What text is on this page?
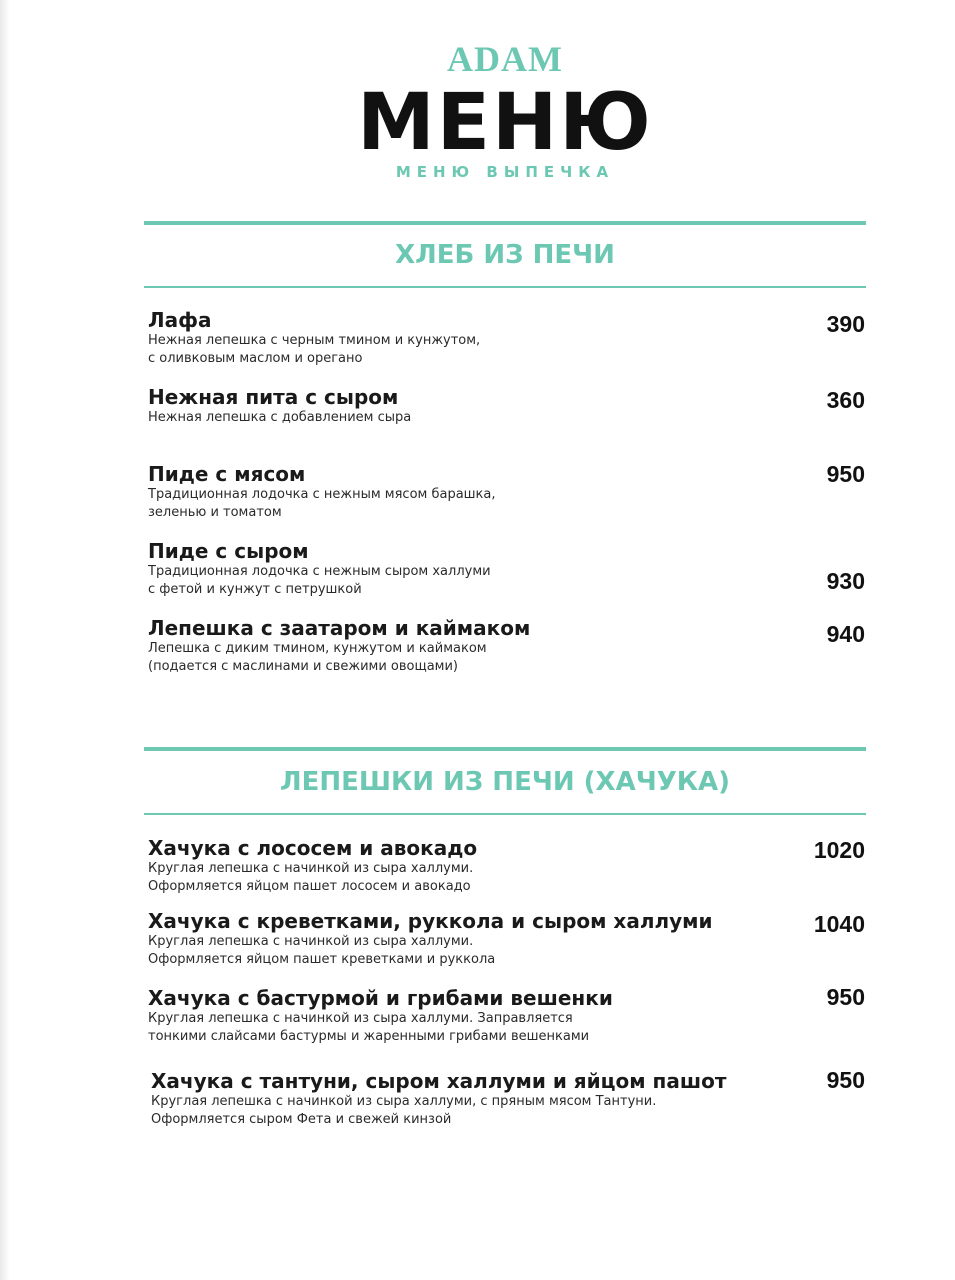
ADAM
МЕНЮ
МЕНЮ ВЫПЕЧКА
ХЛЕБ ИЗ ПЕЧИ
Лафа
Нежная лепешка с черным тмином и кунжутом,
с оливковым маслом и орегано
390
Нежная пита с сыром
Нежная лепешка с добавлением сыра
360
Пиде с мясом
Традиционная лодочка с нежным мясом барашка,
зеленью и томатом
950
Пиде с сыром
Традиционная лодочка с нежным сыром халлуми
с фетой и кунжут с петрушкой	930
Лепешка с заатаром и каймаком
Лепешка с диким тмином, кунжутом и каймаком
(подается с маслинами и свежими овощами)
940
ЛЕПЕШКИ ИЗ ПЕЧИ (ХАЧУКА)
Хачука с лососем и авокадо
Круглая лепешка с начинкой из сыра халлуми.
Оформляется яйцом пашет лососем и авокадо
1020
Хачука с креветками, руккола и сыром халлуми
Круглая лепешка с начинкой из сыра халлуми.
Оформляется яйцом пашет креветками и руккола
1040
Хачука с бастурмой и грибами вешенки
Круглая лепешка с начинкой из сыра халлуми. Заправляется
тонкими слайсами бастурмы и жаренными грибами вешенками
950
Хачука с тантуни, сыром халлуми и яйцом пашот
Круглая лепешка с начинкой из сыра халлуми, с пряным мясом Тантуни.
Оформляется сыром Фета и свежей кинзой
950
